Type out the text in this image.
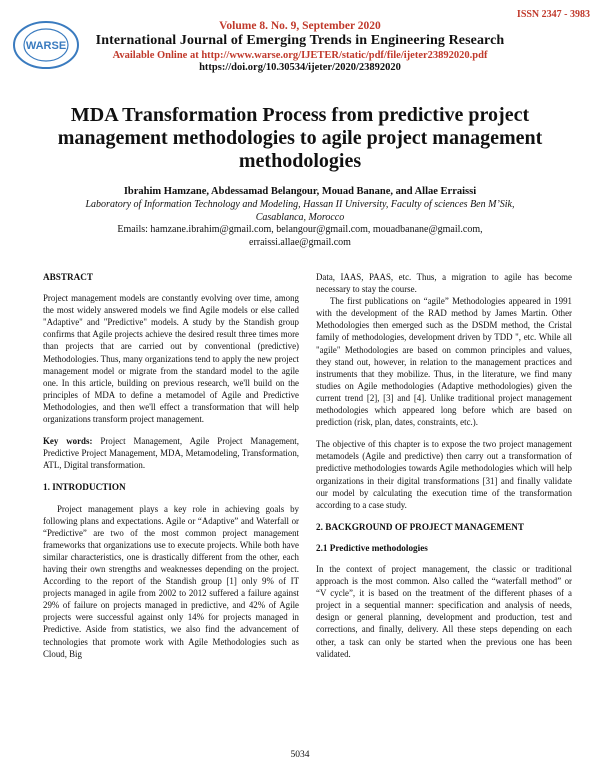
ISSN 2347 - 3983
WARSE
Volume 8. No. 9, September 2020
International Journal of Emerging Trends in Engineering Research
Available Online at http://www.warse.org/IJETER/static/pdf/file/ijeter23892020.pdf
https://doi.org/10.30534/ijeter/2020/23892020
MDA Transformation Process from predictive project management methodologies to agile project management methodologies
Ibrahim Hamzane, Abdessamad Belangour, Mouad Banane, and Allae Erraissi
Laboratory of Information Technology and Modeling, Hassan II University, Faculty of sciences Ben M’Sik, Casablanca, Morocco
Emails: hamzane.ibrahim@gmail.com, belangour@gmail.com, mouadbanane@gmail.com, erraissi.allae@gmail.com
ABSTRACT

Project management models are constantly evolving over time, among the most widely answered models we find Agile models or else called "Adaptive" and "Predictive" models. A study by the Standish group confirms that Agile projects achieve the desired result three times more than projects that are carried out by conventional (predictive) Methodologies. Thus, many organizations tend to apply the new project management model or migrate from the standard model to the agile one. In this article, building on previous research, we'll build on the principles of MDA to define a metamodel of Agile and Predictive Methodologies, and then we'll effect a transformation that will help organizations transform project management.

Key words: Project Management, Agile Project Management, Predictive Project Management, MDA, Metamodeling, Transformation, ATL, Digital transformation.

1. INTRODUCTION

Project management plays a key role in achieving goals by following plans and expectations. Agile or “Adaptive” and Waterfall or “Predictive” are two of the most common project management frameworks that organizations use to execute projects. While both have similar characteristics, one is drastically different from the other, each having their own strengths and weaknesses depending on the project. According to the report of the Standish group [1] only 9% of IT projects managed in agile from 2002 to 2012 suffered a failure against 29% of failure on projects managed in predictive, and 42% of Agile projects were successful against only 14% for projects managed in Predictive. Aside from statistics, we also find the advancement of technologies that promote work with Agile Methodologies such as Cloud, Big

Data, IAAS, PAAS, etc. Thus, a migration to agile has become necessary to stay the course.

The first publications on “agile” Methodologies appeared in 1991 with the development of the RAD method by James Martin. Other Methodologies then emerged such as the DSDM method, the Cristal family of methodologies, development driven by TDD ", etc. While all "agile" Methodologies are based on common principles and values, they stand out, however, in relation to the management practices and instruments that they mobilize. Thus, in the literature, we find many studies on Agile methodologies (Adaptive methodologies) given the current trend [2], [3] and [4]. Unlike traditional project management methodologies which appeared long before which are based on prediction (risk, plan, dates, constraints, etc.).

The objective of this chapter is to expose the two project management metamodels (Agile and predictive) then carry out a transformation of predictive methodologies towards Agile methodologies which will help organizations in their digital transformations [31] and finally validate our model by calculating the execution time of the transformation according to a case study.

2. BACKGROUND OF PROJECT MANAGEMENT
2.1 Predictive methodologies

In the context of project management, the classic or traditional approach is the most common. Also called the “waterfall method” or “V cycle”, it is based on the treatment of the different phases of a project in a sequential manner: specification and analysis of needs, design or general planning, development and production, test and corrections, and finally, delivery. All these steps depending on each other, a task can only be started when the previous one has been validated.

5034
